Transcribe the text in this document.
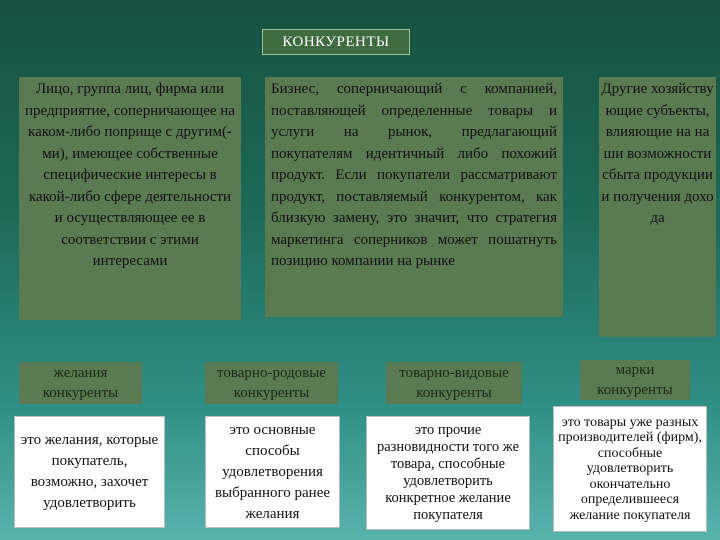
КОНКУРЕНТЫ
Лицо, группа лиц, фирма или предприятие, соперничающее на каком-либо поприще с другим(-ми), имеющее собственные специфические интересы в какой-либо сфере деятельности и осуществляющее ее в соответствии с этими интересами
Бизнес, соперничающий с компанией, поставляющей определенные товары и услуги на рынок, предлагающий покупателям идентичный либо похожий продукт. Если покупатели рассматривают продукт, поставляемый конкурентом, как близкую замену, это значит, что стратегия маркетинга соперников может пошатнуть позицию компании на рынке
Другие хозяйствующие субъекты, влияющие на наши возможности сбыта продукции и получения дохода
желания конкуренты
товарно-родовые конкуренты
товарно-видовые конкуренты
марки конкуренты
это желания, которые покупатель, возможно, захочет удовлетворить
это основные способы удовлетворения выбранного ранее желания
это прочие разновидности того же товара, способные удовлетворить конкретное желание покупателя
это товары уже разных производителей (фирм), способные удовлетворить окончательно определившееся желание покупателя
